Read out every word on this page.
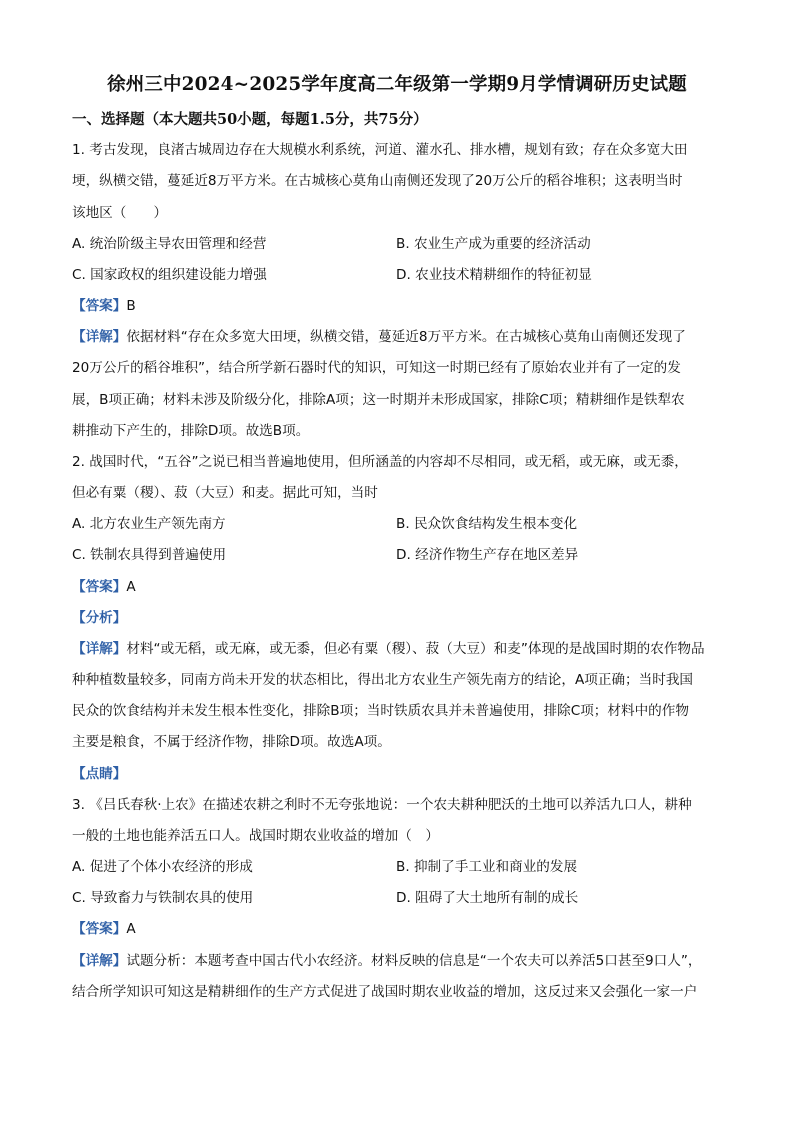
徐州三中2024~2025学年度高二年级第一学期9月学情调研历史试题
一、选择题（本大题共50小题，每题1.5分，共75分）
1. 考古发现，良渚古城周边存在大规模水利系统，河道、灌水孔、排水槽，规划有致；存在众多宽大田
埂，纵横交错，蔓延近8万平方米。在古城核心莫角山南侧还发现了20万公斤的稻谷堆积；这表明当时
该地区（　　）
A. 统治阶级主导农田管理和经营	B. 农业生产成为重要的经济活动
C. 国家政权的组织建设能力增强	D. 农业技术精耕细作的特征初显
【答案】B
【详解】依据材料“存在众多宽大田埂，纵横交错，蔓延近8万平方米。在古城核心莫角山南侧还发现了
20万公斤的稻谷堆积”，结合所学新石器时代的知识，可知这一时期已经有了原始农业并有了一定的发
展，B项正确；材料未涉及阶级分化，排除A项；这一时期并未形成国家，排除C项；精耕细作是铁犁农
耕推动下产生的，排除D项。故选B项。
2. 战国时代，“五谷”之说已相当普遍地使用，但所涵盖的内容却不尽相同，或无稻，或无麻，或无黍，
但必有粟（稷）、菽（大豆）和麦。据此可知，当时
A. 北方农业生产领先南方	B. 民众饮食结构发生根本变化
C. 铁制农具得到普遍使用	D. 经济作物生产存在地区差异
【答案】A
【分析】
【详解】材料“或无稻，或无麻，或无黍，但必有粟（稷）、菽（大豆）和麦”体现的是战国时期的农作物品
种种植数量较多，同南方尚未开发的状态相比，得出北方农业生产领先南方的结论，A项正确；当时我国
民众的饮食结构并未发生根本性变化，排除B项；当时铁质农具并未普遍使用，排除C项；材料中的作物
主要是粮食，不属于经济作物，排除D项。故选A项。
【点睛】
3. 《吕氏春秋·上农》在描述农耕之利时不无夸张地说：一个农夫耕种肥沃的土地可以养活九口人，耕种
一般的土地也能养活五口人。战国时期农业收益的增加（　）
A. 促进了个体小农经济的形成	B. 抑制了手工业和商业的发展
C. 导致畜力与铁制农具的使用	D. 阻碍了大土地所有制的成长
【答案】A
【详解】试题分析：本题考查中国古代小农经济。材料反映的信息是“一个农夫可以养活5口甚至9口人”，
结合所学知识可知这是精耕细作的生产方式促进了战国时期农业收益的增加，这反过来又会强化一家一户
